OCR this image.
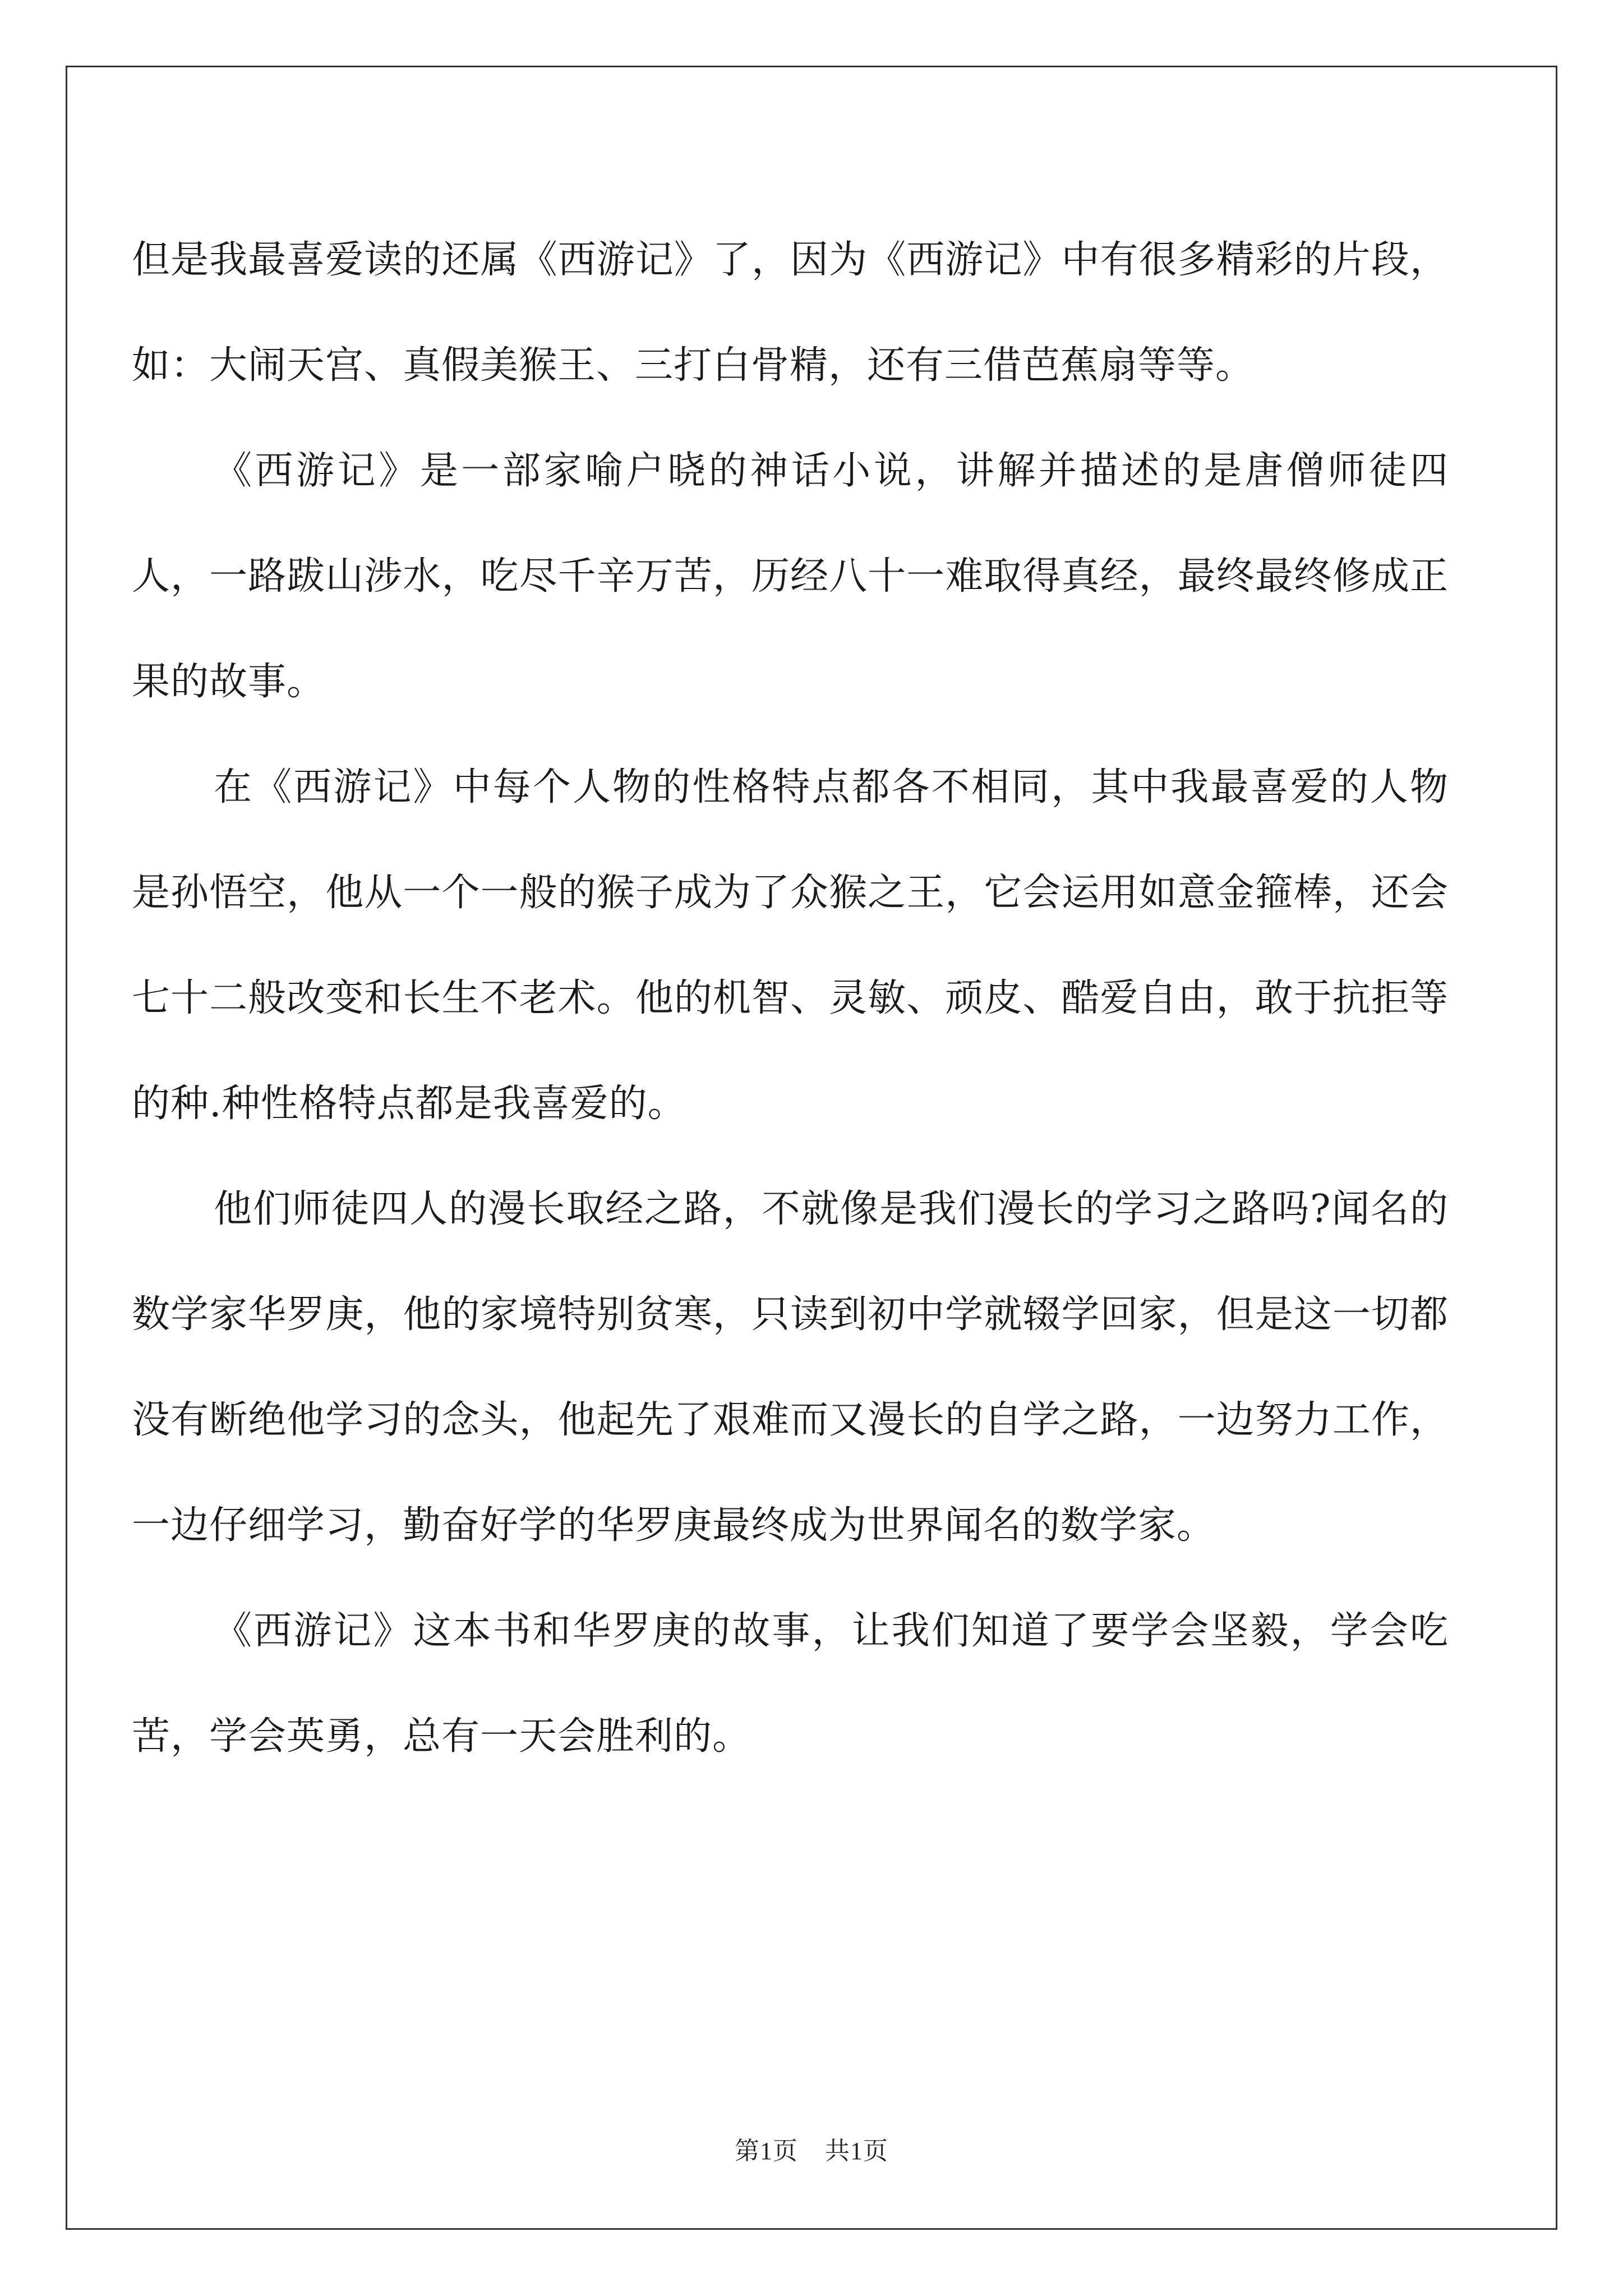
但是我最喜爱读的还属《西游记》了，因为《西游记》中有很多精彩的片段，如：大闹天宫、真假美猴王、三打白骨精，还有三借芭蕉扇等等。

《西游记》是一部家喻户晓的神话小说，讲解并描述的是唐僧师徒四人，一路跋山涉水，吃尽千辛万苦，历经八十一难取得真经，最终最终修成正果的故事。

在《西游记》中每个人物的性格特点都各不相同，其中我最喜爱的人物是孙悟空，他从一个一般的猴子成为了众猴之王，它会运用如意金箍棒，还会七十二般改变和长生不老术。他的机智、灵敏、顽皮、酷爱自由，敢于抗拒等的种.种性格特点都是我喜爱的。

他们师徒四人的漫长取经之路，不就像是我们漫长的学习之路吗?闻名的数学家华罗庚，他的家境特别贫寒，只读到初中学就辍学回家，但是这一切都没有断绝他学习的念头，他起先了艰难而又漫长的自学之路，一边努力工作，一边仔细学习，勤奋好学的华罗庚最终成为世界闻名的数学家。

《西游记》这本书和华罗庚的故事，让我们知道了要学会坚毅，学会吃苦，学会英勇，总有一天会胜利的。

第1页 共1页
